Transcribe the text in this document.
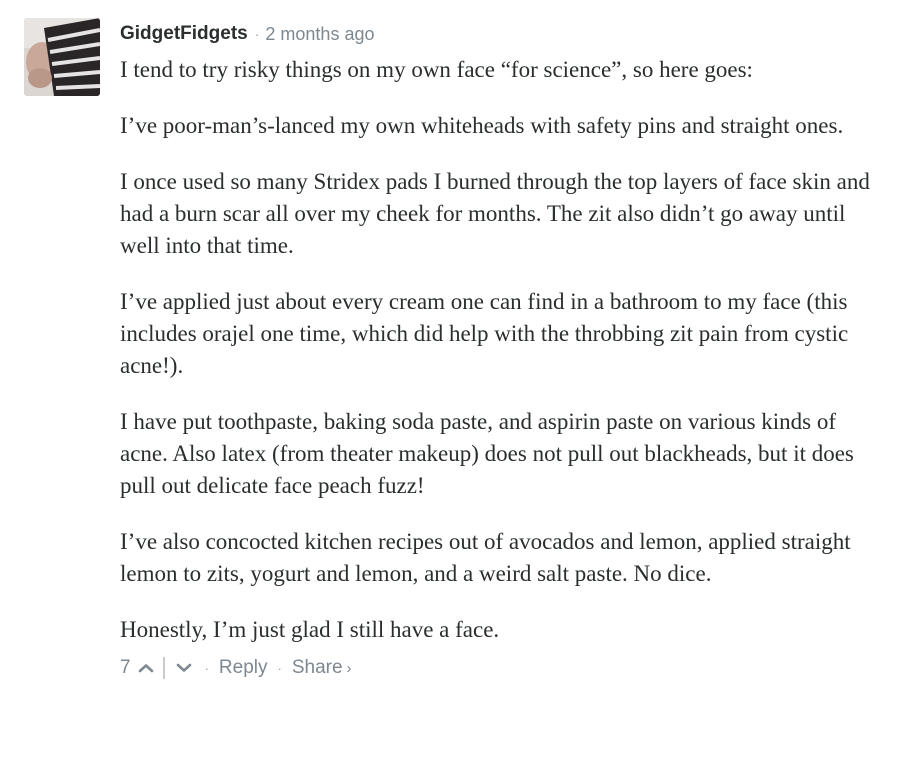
GidgetFidgets · 2 months ago

I tend to try risky things on my own face “for science”, so here goes:

I’ve poor-man’s-lanced my own whiteheads with safety pins and straight ones.

I once used so many Stridex pads I burned through the top layers of face skin and had a burn scar all over my cheek for months. The zit also didn’t go away until well into that time.

I’ve applied just about every cream one can find in a bathroom to my face (this includes orajel one time, which did help with the throbbing zit pain from cystic acne!).

I have put toothpaste, baking soda paste, and aspirin paste on various kinds of acne. Also latex (from theater makeup) does not pull out blackheads, but it does pull out delicate face peach fuzz!

I’ve also concocted kitchen recipes out of avocados and lemon, applied straight lemon to zits, yogurt and lemon, and a weird salt paste. No dice.

Honestly, I’m just glad I still have a face.

7	· Reply · Share ›
